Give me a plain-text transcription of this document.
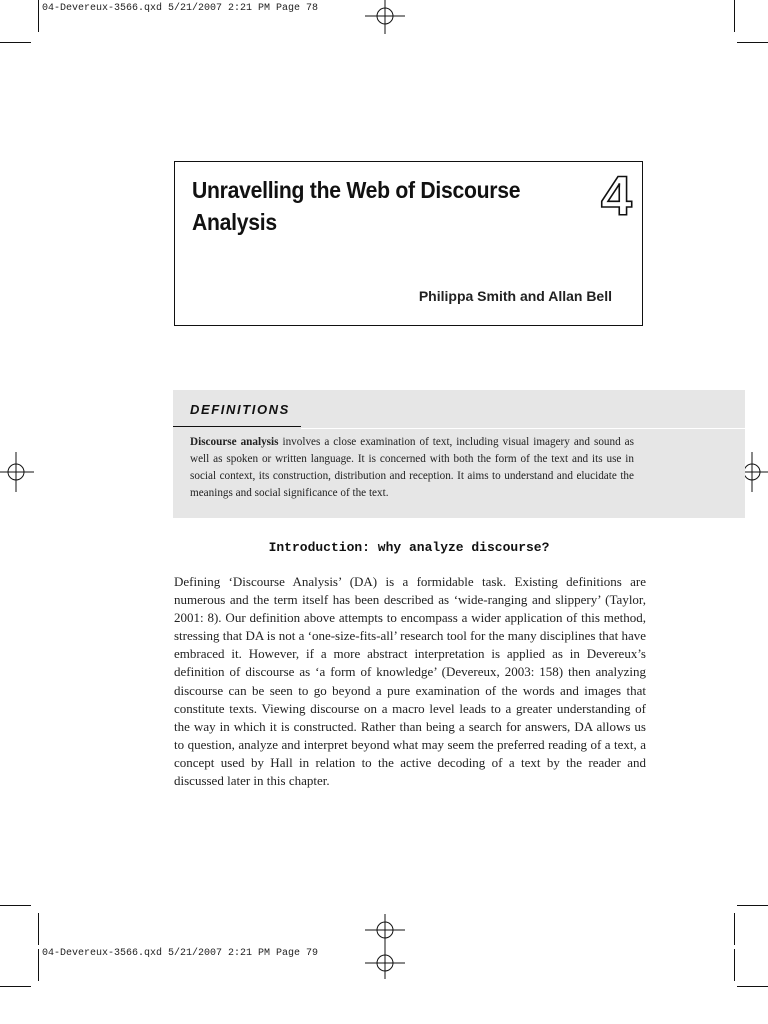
04-Devereux-3566.qxd 5/21/2007 2:21 PM Page 78
04-Devereux-3566.qxd 5/21/2007 2:21 PM Page 79
Unravelling the Web of Discourse Analysis	4
Philippa Smith and Allan Bell
DEFINITIONS
Discourse analysis involves a close examination of text, including visual imagery and sound as well as spoken or written language. It is concerned with both the form of the text and its use in social context, its construction, distribution and reception. It aims to understand and elucidate the meanings and social significance of the text.
Introduction: why analyze discourse?
Defining ‘Discourse Analysis’ (DA) is a formidable task. Existing definitions are numerous and the term itself has been described as ‘wide-ranging and slippery’ (Taylor, 2001: 8). Our definition above attempts to encompass a wider application of this method, stressing that DA is not a ‘one-size-fits-all’ research tool for the many disciplines that have embraced it. However, if a more abstract interpretation is applied as in Devereux’s definition of discourse as ‘a form of knowledge’ (Devereux, 2003: 158) then analyzing discourse can be seen to go beyond a pure examination of the words and images that constitute texts. Viewing discourse on a macro level leads to a greater understanding of the way in which it is constructed. Rather than being a search for answers, DA allows us to question, analyze and interpret beyond what may seem the preferred reading of a text, a concept used by Hall in relation to the active decoding of a text by the reader and discussed later in this chapter.
